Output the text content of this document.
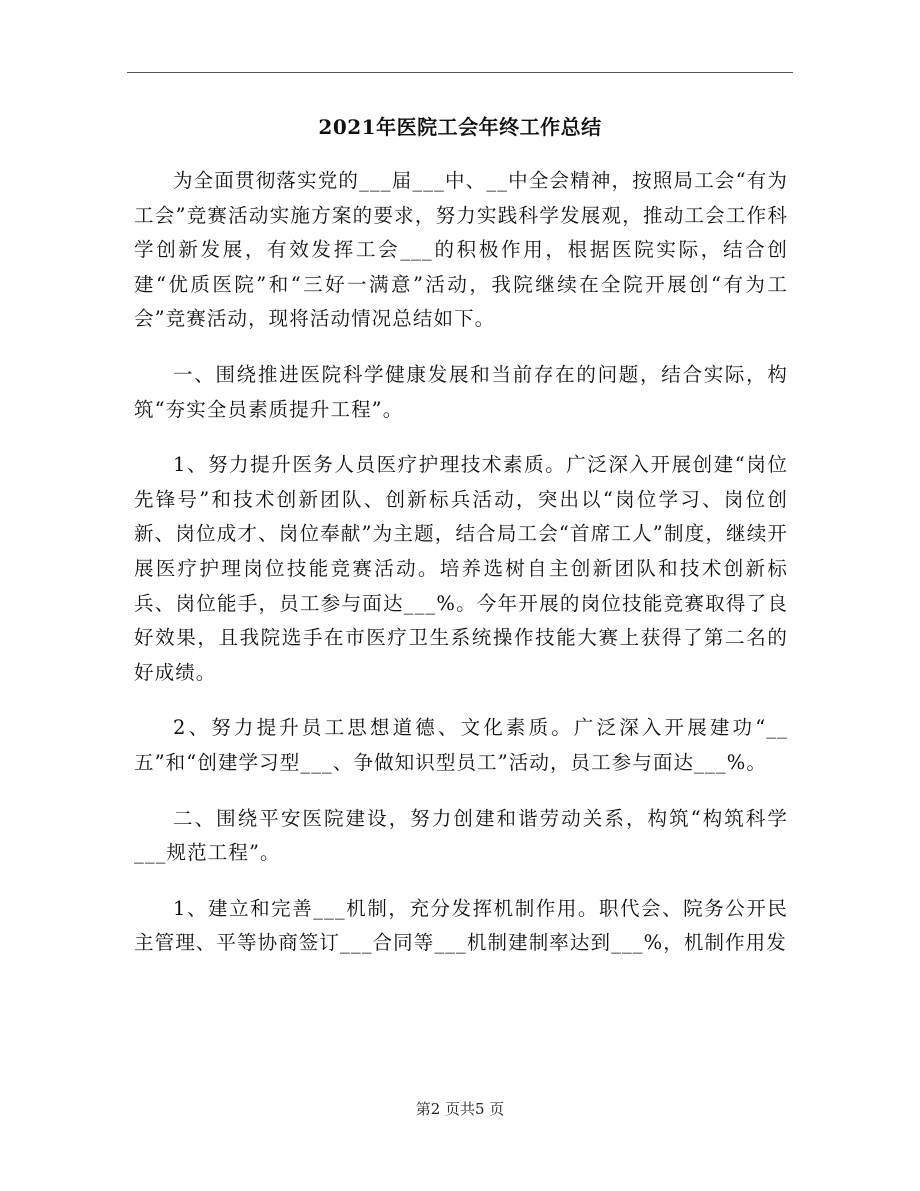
2021年医院工会年终工作总结

为全面贯彻落实党的___届___中、__中全会精神，按照局工会“有为工会”竞赛活动实施方案的要求，努力实践科学发展观，推动工会工作科学创新发展，有效发挥工会___的积极作用，根据医院实际，结合创建“优质医院”和“三好一满意”活动，我院继续在全院开展创“有为工会”竞赛活动，现将活动情况总结如下。

一、围绕推进医院科学健康发展和当前存在的问题，结合实际，构筑“夯实全员素质提升工程”。

1、努力提升医务人员医疗护理技术素质。广泛深入开展创建“岗位先锋号”和技术创新团队、创新标兵活动，突出以“岗位学习、岗位创新、岗位成才、岗位奉献”为主题，结合局工会“首席工人”制度，继续开展医疗护理岗位技能竞赛活动。培养选树自主创新团队和技术创新标兵、岗位能手，员工参与面达___%。今年开展的岗位技能竞赛取得了良好效果，且我院选手在市医疗卫生系统操作技能大赛上获得了第二名的好成绩。

2、努力提升员工思想道德、文化素质。广泛深入开展建功“__五”和“创建学习型___、争做知识型员工”活动，员工参与面达___%。

二、围绕平安医院建设，努力创建和谐劳动关系，构筑“构筑科学___规范工程”。

1、建立和完善___机制，充分发挥机制作用。职代会、院务公开民主管理、平等协商签订___合同等___机制建制率达到___%，机制作用发

第2 页共5 页
